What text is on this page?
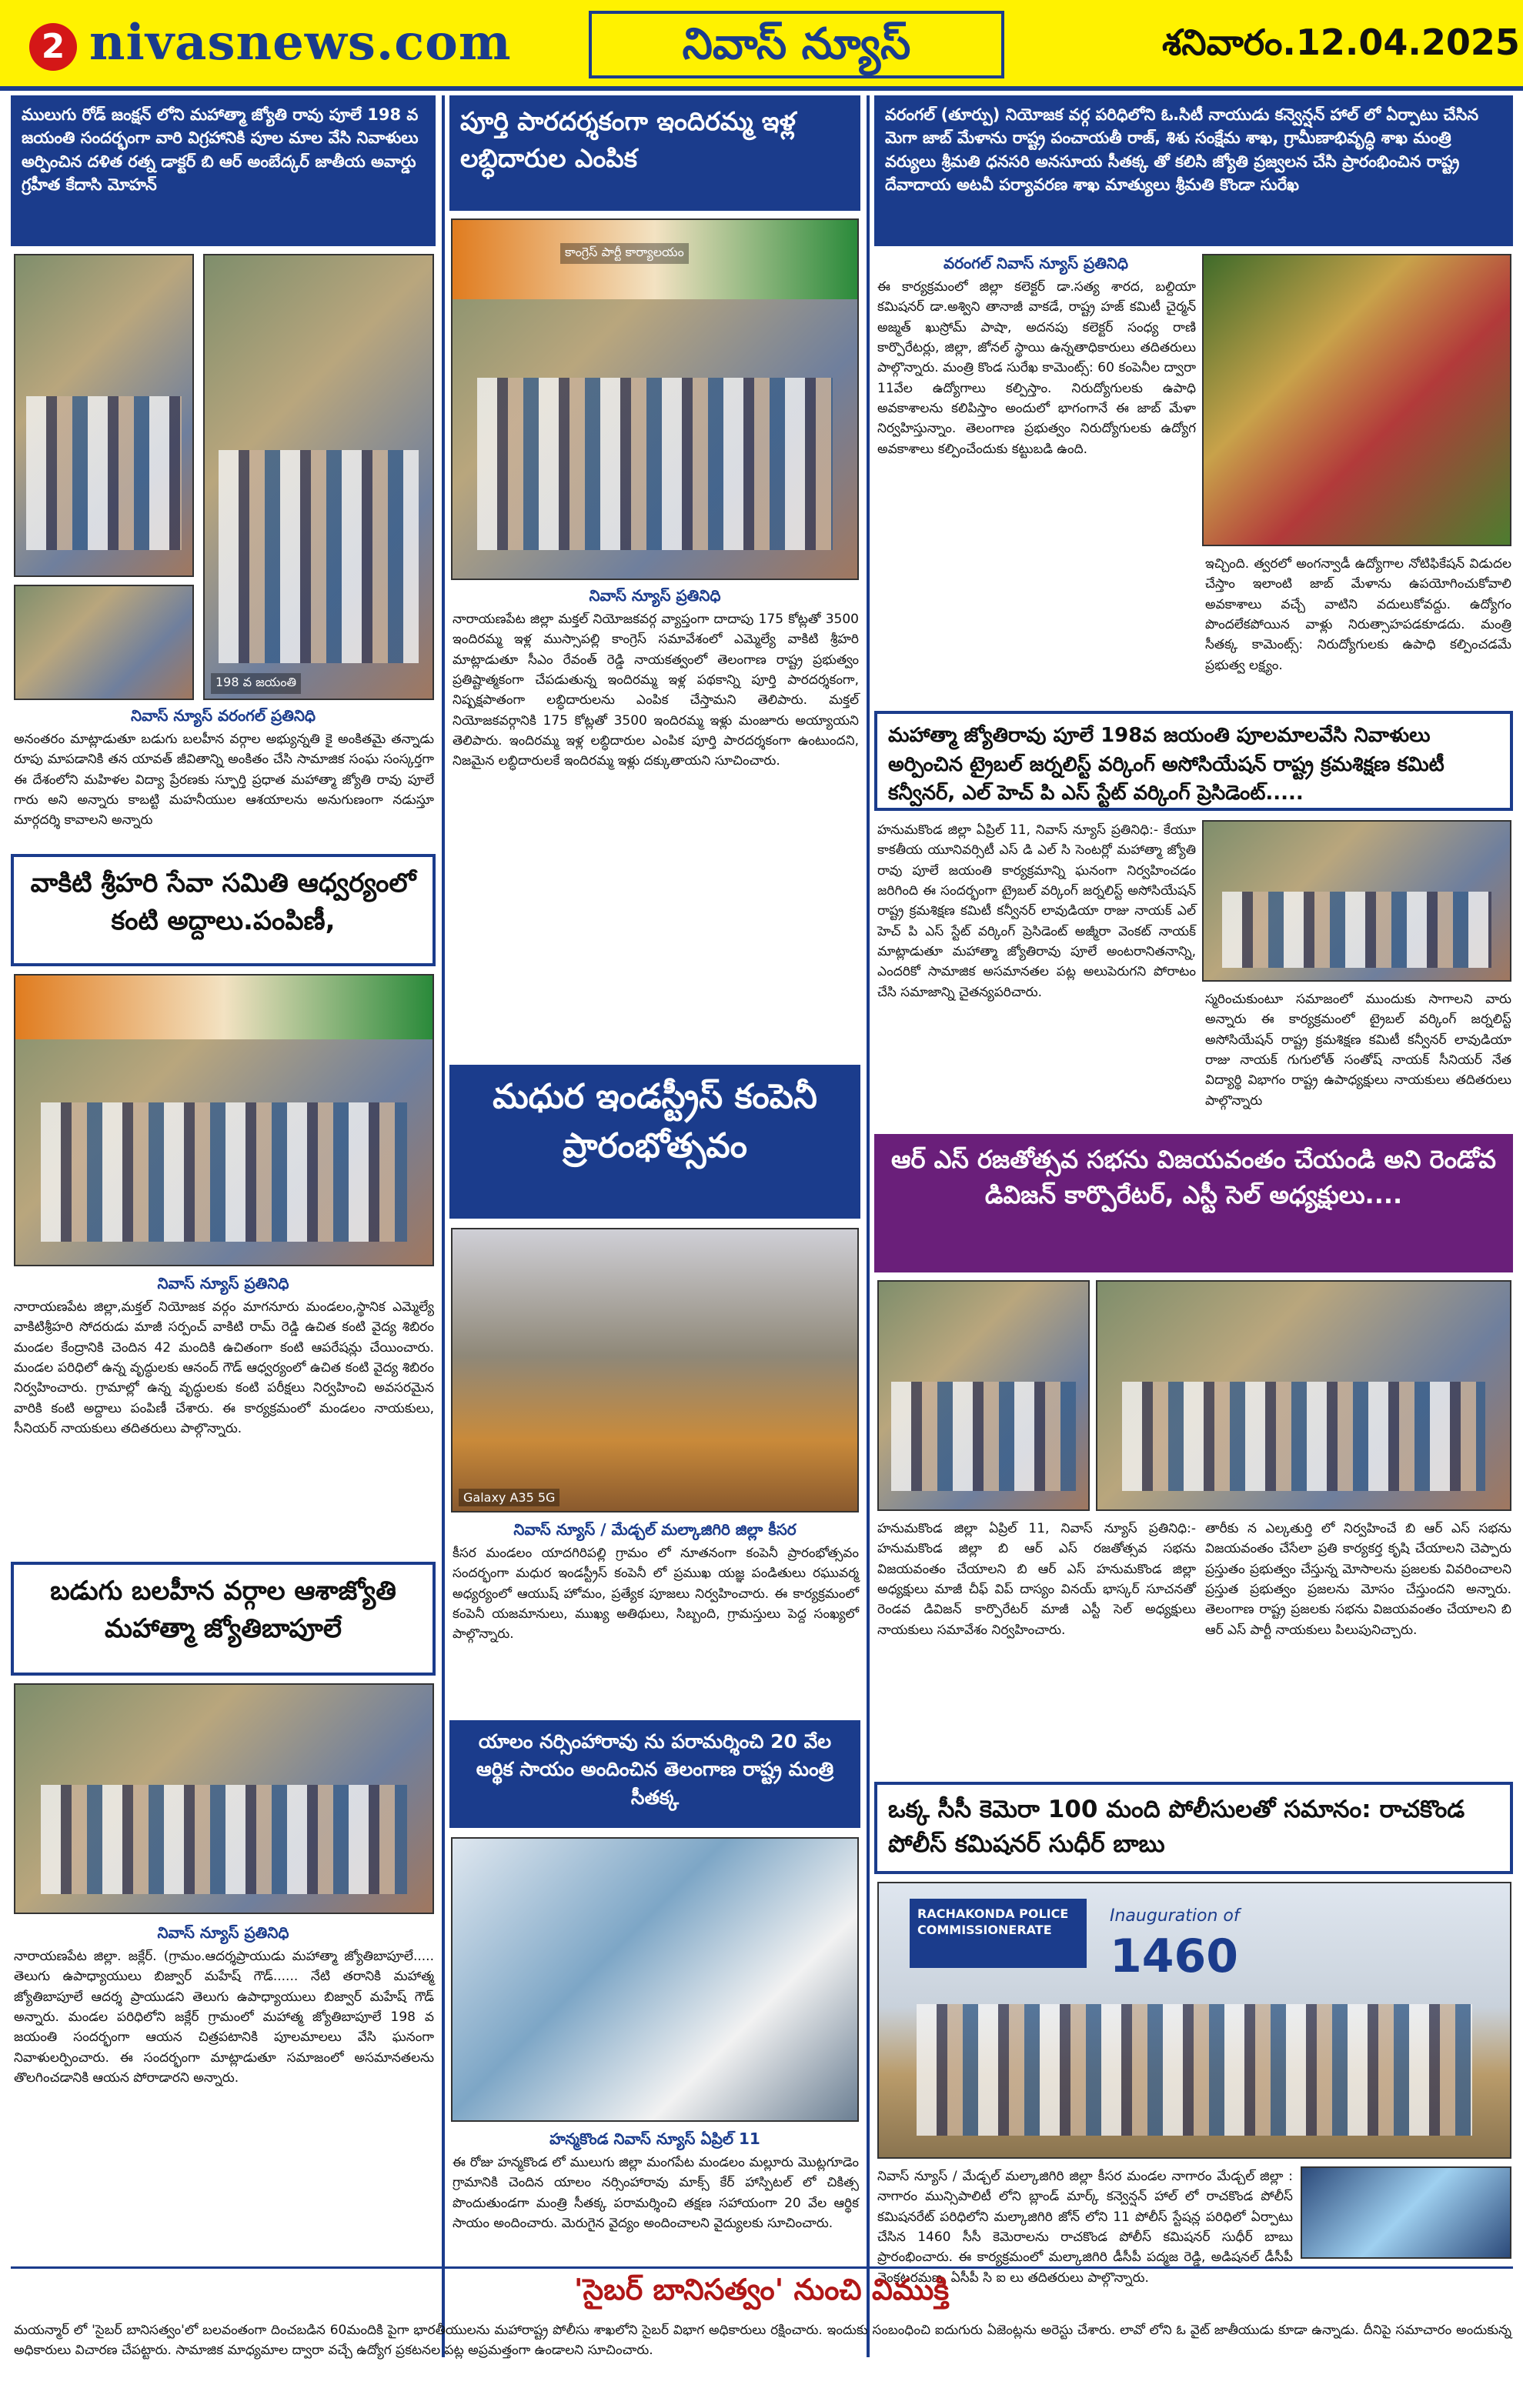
2 nivasnews.com	నివాస్ న్యూస్	శనివారం.12.04.2025
ములుగు రోడ్ జంక్షన్ లోని మహాత్మా జ్యోతి రావు పూలే 198 వ జయంతి సందర్భంగా వారి విగ్రహానికి పూల మాల వేసి నివాళులు అర్పించిన దళిత రత్న డాక్టర్ బి ఆర్ అంబేద్కర్ జాతీయ అవార్డు గ్రహీత కేదాసి మోహన్
198 వ జయంతి
నివాస్ న్యూస్ వరంగల్ ప్రతినిధి
అనంతరం మాట్లాడుతూ బడుగు బలహీన వర్గాల అభ్యున్నతి కై అంకితమై తన్నాడు రూపు మాపడానికి తన యావత్ జీవితాన్ని అంకితం చేసి సామాజిక సంఘ సంస్కర్తగా ఈ దేశంలోని మహిళల విద్యా ప్రేరణకు స్ఫూర్తి ప్రధాత మహాత్మా జ్యోతి రావు పూలే గారు అని అన్నారు కాబట్టి మహనీయుల ఆశయాలను అనుగుణంగా నడుస్తూ మార్గదర్శి కావాలని అన్నారు
వాకిటి శ్రీహరి సేవా సమితి ఆధ్వర్యంలో కంటి అద్దాలు.పంపిణీ,
నివాస్ న్యూస్ ప్రతినిధి
నారాయణపేట జిల్లా,మక్తల్ నియోజక వర్గం మాగనూరు మండలం,స్థానిక ఎమ్మెల్యే వాకిటిశ్రీహరి సోదరుడు మాజీ సర్పంచ్ వాకిటి రామ్ రెడ్డి ఉచిత కంటి వైద్య శిబిరం మండల కేంద్రానికి చెందిన 42 మందికి ఉచితంగా కంటి ఆపరేషన్లు చేయించారు. మండల పరిధిలో ఉన్న వృద్ధులకు ఆనంద్ గౌడ్ ఆధ్వర్యంలో ఉచిత కంటి వైద్య శిబిరం నిర్వహించారు. గ్రామాల్లో ఉన్న వృద్ధులకు కంటి పరీక్షలు నిర్వహించి అవసరమైన వారికి కంటి అద్దాలు పంపిణీ చేశారు. ఈ కార్యక్రమంలో మండలం నాయకులు, సీనియర్ నాయకులు తదితరులు పాల్గొన్నారు.
బడుగు బలహీన వర్గాల ఆశాజ్యోతి మహాత్మా జ్యోతిబాపూలే
నివాస్ న్యూస్ ప్రతినిధి
నారాయణపేట జిల్లా. జక్లేర్. (గ్రామం.ఆదర్శప్రాయుడు మహాత్మా జ్యోతిబాపూలే..... తెలుగు ఉపాధ్యాయులు బిజ్వార్ మహేష్ గౌడ్...... నేటి తరానికి మహాత్మ జ్యోతిబాపూలే ఆదర్శ ప్రాయుడని తెలుగు ఉపాధ్యాయులు బిజ్వార్ మహేష్ గౌడ్ అన్నారు. మండల పరిధిలోని జక్లేర్ గ్రామంలో మహాత్మ జ్యోతిబాపూలే 198 వ జయంతి సందర్భంగా ఆయన చిత్రపటానికి పూలమాలలు వేసి ఘనంగా నివాళులర్పించారు. ఈ సందర్భంగా మాట్లాడుతూ సమాజంలో అసమానతలను తొలగించడానికి ఆయన పోరాడారని అన్నారు.
పూర్తి పారదర్శకంగా ఇందిరమ్మ ఇళ్ల లబ్ధిదారుల ఎంపిక
కాంగ్రెస్ పార్టీ కార్యాలయం
నివాస్ న్యూస్ ప్రతినిధి
నారాయణపేట జిల్లా మక్తల్ నియోజకవర్గ వ్యాప్తంగా దాదాపు 175 కోట్లతో 3500 ఇందిరమ్మ ఇళ్ల ముస్సాపల్లి కాంగ్రెస్ సమావేశంలో ఎమ్మెల్యే వాకిటి శ్రీహరి మాట్లాడుతూ సీఎం రేవంత్ రెడ్డి నాయకత్వంలో తెలంగాణ రాష్ట్ర ప్రభుత్వం ప్రతిష్టాత్మకంగా చేపడుతున్న ఇందిరమ్మ ఇళ్ల పథకాన్ని పూర్తి పారదర్శకంగా, నిష్పక్షపాతంగా లబ్ధిదారులను ఎంపిక చేస్తామని తెలిపారు. మక్తల్ నియోజకవర్గానికి 175 కోట్లతో 3500 ఇందిరమ్మ ఇళ్లు మంజూరు అయ్యాయని తెలిపారు. ఇందిరమ్మ ఇళ్ల లబ్ధిదారుల ఎంపిక పూర్తి పారదర్శకంగా ఉంటుందని, నిజమైన లబ్ధిదారులకే ఇందిరమ్మ ఇళ్లు దక్కుతాయని సూచించారు.
మధుర ఇండస్ట్రీస్ కంపెనీ ప్రారంభోత్సవం
Galaxy A35 5G
నివాస్ న్యూస్ / మేడ్చల్ మల్కాజిగిరి జిల్లా కీసర
కీసర మండలం యాదగిరిపల్లి గ్రామం లో నూతనంగా కంపెనీ ప్రారంభోత్సవం సందర్భంగా మధుర ఇండస్ట్రీస్ కంపెనీ లో ప్రముఖ యజ్ఞ పండితులు రఘువర్మ అధ్యర్యంలో ఆయుష్ హోమం, ప్రత్యేక పూజలు నిర్వహించారు. ఈ కార్యక్రమంలో కంపెనీ యజమానులు, ముఖ్య అతిథులు, సిబ్బంది, గ్రామస్తులు పెద్ద సంఖ్యలో పాల్గొన్నారు.
యాలం నర్సింహారావు ను పరామర్శించి 20 వేల ఆర్థిక సాయం అందించిన తెలంగాణ రాష్ట్ర మంత్రి సీతక్క
హన్మకొండ నివాస్ న్యూస్ ఏప్రిల్ 11
ఈ రోజు హన్మకొండ లో ములుగు జిల్లా మంగపేట మండలం మల్లూరు మొట్లగూడెం గ్రామానికి చెందిన యాలం నర్సింహారావు మాక్స్ కేర్ హాస్పిటల్ లో చికిత్స పొందుతుండగా మంత్రి సీతక్క పరామర్శించి తక్షణ సహాయంగా 20 వేల ఆర్థిక సాయం అందించారు. మెరుగైన వైద్యం అందించాలని వైద్యులకు సూచించారు.
వరంగల్ (తూర్పు) నియోజక వర్గ పరిధిలోని ఓ.సిటీ నాయుడు కన్వెన్షన్ హాల్ లో ఏర్పాటు చేసిన మెగా జాబ్ మేళాను రాష్ట్ర పంచాయతీ రాజ్, శిశు సంక్షేమ శాఖ, గ్రామీణాభివృద్ధి శాఖ మంత్రి వర్యులు శ్రీమతి ధనసరి అనసూయ సీతక్క తో కలిసి జ్యోతి ప్రజ్వలన చేసి ప్రారంభించిన రాష్ట్ర దేవాదాయ అటవీ పర్యావరణ శాఖ మాత్యులు శ్రీమతి కొండా సురేఖ
వరంగల్ నివాస్ న్యూస్ ప్రతినిధి
ఈ కార్యక్రమంలో జిల్లా కలెక్టర్ డా.సత్య శారద, బల్దియా కమిషనర్ డా.అశ్విని తానాజీ వాకడే, రాష్ట్ర హజ్ కమిటీ చైర్మన్ అజ్మత్ ఖుస్రోమ్ పాషా, అదనపు కలెక్టర్ సంధ్య రాణి కార్పొరేటర్లు, జిల్లా, జోనల్ స్థాయి ఉన్నతాధికారులు తదితరులు పాల్గొన్నారు. మంత్రి కొండ సురేఖ కామెంట్స్: 60 కంపెనీల ద్వారా 11వేల ఉద్యోగాలు కల్పిస్తాం. నిరుద్యోగులకు ఉపాధి అవకాశాలను కలిపిస్తాం అందులో భాగంగానే ఈ జాబ్ మేళా నిర్వహిస్తున్నాం. తెలంగాణ ప్రభుత్వం నిరుద్యోగులకు ఉద్యోగ అవకాశాలు కల్పించేందుకు కట్టుబడి ఉంది.
ఇచ్చింది. త్వరలో అంగన్వాడీ ఉద్యోగాల నోటిఫికేషన్ విడుదల చేస్తాం ఇలాంటి జాబ్ మేళాను ఉపయోగించుకోవాలి అవకాశాలు వచ్చే వాటిని వదులుకోవద్దు. ఉద్యోగం పొందలేకపోయిన వాళ్లు నిరుత్సాహపడకూడదు. మంత్రి సీతక్క కామెంట్స్: నిరుద్యోగులకు ఉపాధి కల్పించడమే ప్రభుత్వ లక్ష్యం.
మహాత్మా జ్యోతిరావు పూలే 198వ జయంతి పూలమాలవేసి నివాళులు అర్పించిన ట్రైబల్ జర్నలిస్ట్ వర్కింగ్ అసోసియేషన్ రాష్ట్ర క్రమశిక్షణ కమిటీ కన్వీనర్, ఎల్ హెచ్ పి ఎస్ స్టేట్ వర్కింగ్ ప్రెసిడెంట్.....
హనుమకొండ జిల్లా ఏప్రిల్ 11, నివాస్ న్యూస్ ప్రతినిధి:- కేయూ కాకతీయ యూనివర్సిటీ ఎస్ డి ఎల్ సి సెంటర్లో మహాత్మా జ్యోతి రావు పూలే జయంతి కార్యక్రమాన్ని ఘనంగా నిర్వహించడం జరిగింది ఈ సందర్భంగా ట్రైబల్ వర్కింగ్ జర్నలిస్ట్ అసోసియేషన్ రాష్ట్ర క్రమశిక్షణ కమిటీ కన్వీనర్ లావుడియా రాజు నాయక్ ఎల్ హెచ్ పి ఎస్ స్టేట్ వర్కింగ్ ప్రెసిడెంట్ అజ్మీరా వెంకట్ నాయక్ మాట్లాడుతూ మహాత్మా జ్యోతిరావు పూలే అంటరానితనాన్ని, ఎందరికో సామాజిక అసమానతల పట్ల అలుపెరుగని పోరాటం చేసి సమాజాన్ని చైతన్యపరిచారు.	స్మరించుకుంటూ సమాజంలో ముందుకు సాగాలని వారు అన్నారు ఈ కార్యక్రమంలో ట్రైబల్ వర్కింగ్ జర్నలిస్ట్ అసోసియేషన్ రాష్ట్ర క్రమశిక్షణ కమిటీ కన్వీనర్ లావుడియా రాజు నాయక్ గుగులోత్ సంతోష్ నాయక్ సీనియర్ నేత విద్యార్థి విభాగం రాష్ట్ర ఉపాధ్యక్షులు నాయకులు తదితరులు పాల్గొన్నారు
ఆర్ ఎస్ రజతోత్సవ సభను విజయవంతం చేయండి అని రెండోవ డివిజన్ కార్పొరేటర్, ఎస్టీ సెల్ అధ్యక్షులు....
హనుమకొండ జిల్లా ఏప్రిల్ 11, నివాస్ న్యూస్ ప్రతినిధి:- హనుమకొండ జిల్లా బి ఆర్ ఎస్ రజతోత్సవ సభను విజయవంతం చేయాలని బి ఆర్ ఎస్ హనుమకొండ జిల్లా అధ్యక్షులు మాజీ చీఫ్ విప్ దాస్యం వినయ్ భాస్కర్ సూచనతో రెండవ డివిజన్ కార్పొరేటర్ మాజీ ఎస్టీ సెల్ అధ్యక్షులు నాయకులు సమావేశం నిర్వహించారు.
తారీకు న ఎల్కతుర్తి లో నిర్వహించే బి ఆర్ ఎస్ సభను విజయవంతం చేసేలా ప్రతి కార్యకర్త కృషి చేయాలని చెప్పారు ప్రస్తుతం ప్రభుత్వం చేస్తున్న మోసాలను ప్రజలకు వివరించాలని ప్రస్తుత ప్రభుత్వం ప్రజలను మోసం చేస్తుందని అన్నారు. తెలంగాణ రాష్ట్ర ప్రజలకు సభను విజయవంతం చేయాలని బి ఆర్ ఎస్ పార్టీ నాయకులు పిలుపునిచ్చారు.
ఒక్క సీసీ కెమెరా 100 మంది పోలీసులతో సమానం: రాచకొండ పోలీస్ కమిషనర్ సుధీర్ బాబు
RACHAKONDA POLICE COMMISSIONERATE
Inauguration of
1460
నివాస్ న్యూస్ / మేడ్చల్ మల్కాజిగిరి జిల్లా కీసర మండల నాగారం మేడ్చల్ జిల్లా : నాగారం మున్సిపాలిటీ లోని బ్లాండ్ మార్క్ కన్వెన్షన్ హాల్ లో రాచకొండ పోలీస్ కమిషనరేట్ పరిధిలోని మల్కాజిగిరి జోన్ లోని 11 పోలీస్ స్టేషన్ల పరిధిలో ఏర్పాటు చేసిన 1460 సీసీ కెమెరాలను రాచకొండ పోలీస్ కమిషనర్ సుధీర్ బాబు ప్రారంభించారు. ఈ కార్యక్రమంలో మల్కాజిగిరి డీసీపీ పద్మజ రెడ్డి, అడిషనల్ డీసీపీ వెంకటరమణ, ఏసీపీ సి ఐ లు తదితరులు పాల్గొన్నారు.
'సైబర్ బానిసత్వం' నుంచి విముక్తి
మయన్మార్ లో 'సైబర్ బానిసత్వం'లో బలవంతంగా దించబడిన 60మందికి పైగా భారతీయులను మహారాష్ట్ర పోలీసు శాఖలోని సైబర్ విభాగ అధికారులు రక్షించారు. ఇందుకు సంబంధించి ఐదుగురు ఏజెంట్లను అరెస్టు చేశారు. లావో లోని ఓ వైట్ జాతీయుడు కూడా ఉన్నాడు. దీనిపై సమాచారం అందుకున్న అధికారులు విచారణ చేపట్టారు. సామాజిక మాధ్యమాల ద్వారా వచ్చే ఉద్యోగ ప్రకటనల పట్ల అప్రమత్తంగా ఉండాలని సూచించారు.
